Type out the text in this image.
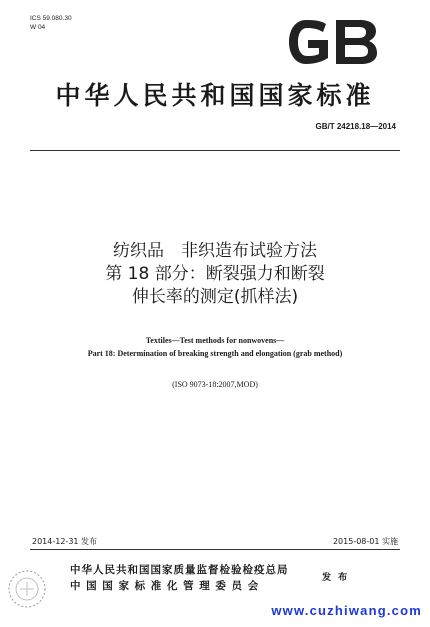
ICS 59.080.30
W 04
GB
中华人民共和国国家标准
GB/T 24218.18—2014
纺织品　非织造布试验方法
第 18 部分：断裂强力和断裂
伸长率的测定(抓样法)
Textiles—Test methods for nonwovens—
Part 18: Determination of breaking strength and elongation (grab method)
(ISO 9073-18:2007,MOD)
2014-12-31 发布	2015-08-01 实施
中华人民共和国国家质量监督检验检疫总局
中 国 国 家 标 准 化 管 理 委 员 会
发 布
www.cuzhiwang.com
